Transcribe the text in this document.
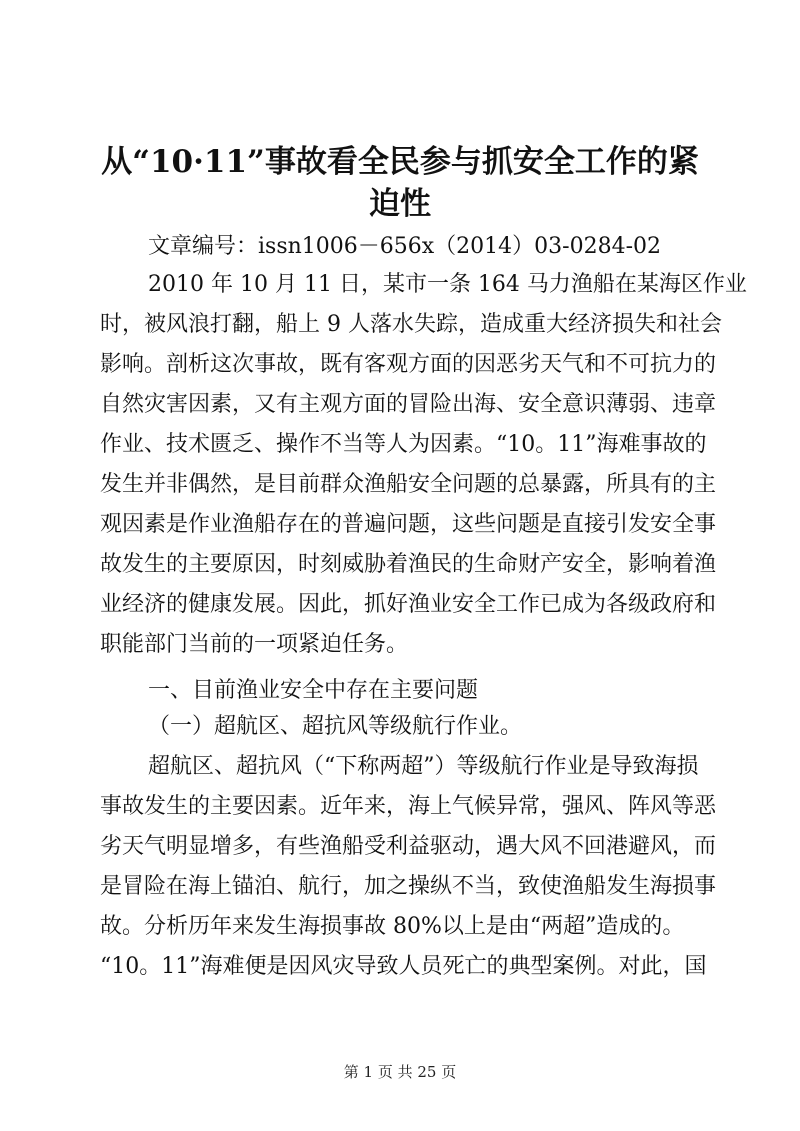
从“10·11”事故看全民参与抓安全工作的紧
迫性

文章编号：issn1006－656x（2014）03-0284-02

2010 年 10 月 11 日，某市一条 164 马力渔船在某海区作业

时，被风浪打翻，船上 9 人落水失踪，造成重大经济损失和社会

影响。剖析这次事故，既有客观方面的因恶劣天气和不可抗力的

自然灾害因素，又有主观方面的冒险出海、安全意识薄弱、违章

作业、技术匮乏、操作不当等人为因素。“10。11”海难事故的

发生并非偶然，是目前群众渔船安全问题的总暴露，所具有的主

观因素是作业渔船存在的普遍问题，这些问题是直接引发安全事

故发生的主要原因，时刻威胁着渔民的生命财产安全，影响着渔

业经济的健康发展。因此，抓好渔业安全工作已成为各级政府和

职能部门当前的一项紧迫任务。

一、目前渔业安全中存在主要问题

（一）超航区、超抗风等级航行作业。

超航区、超抗风（“下称两超”）等级航行作业是导致海损

事故发生的主要因素。近年来，海上气候异常，强风、阵风等恶

劣天气明显增多，有些渔船受利益驱动，遇大风不回港避风，而

是冒险在海上锚泊、航行，加之操纵不当，致使渔船发生海损事

故。分析历年来发生海损事故 80%以上是由“两超”造成的。

“10。11”海难便是因风灾导致人员死亡的典型案例。对此，国

第 1 页 共 25 页
